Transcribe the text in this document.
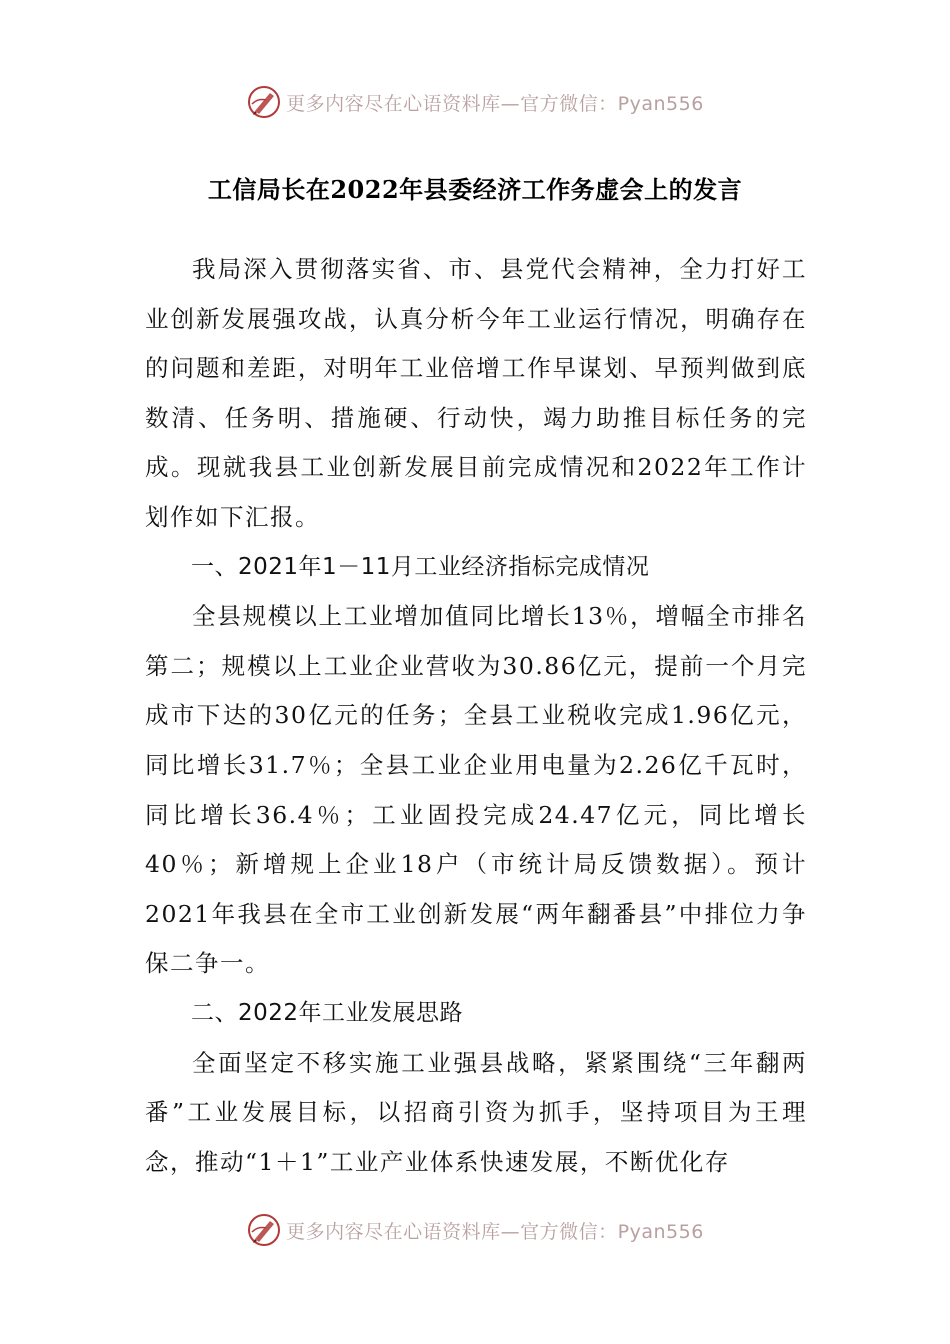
更多内容尽在心语资料库—官方微信：Pyan556
工信局长在2022年县委经济工作务虚会上的发言

我局深入贯彻落实省、市、县党代会精神，全力打好工业创新发展强攻战，认真分析今年工业运行情况，明确存在的问题和差距，对明年工业倍增工作早谋划、早预判做到底数清、任务明、措施硬、行动快，竭力助推目标任务的完成。现就我县工业创新发展目前完成情况和2022年工作计划作如下汇报。

一、2021年1－11月工业经济指标完成情况

全县规模以上工业增加值同比增长13％，增幅全市排名第二；规模以上工业企业营收为30.86亿元，提前一个月完成市下达的30亿元的任务；全县工业税收完成1.96亿元，同比增长31.7％；全县工业企业用电量为2.26亿千瓦时，同比增长36.4％；工业固投完成24.47亿元，同比增长40％；新增规上企业18户（市统计局反馈数据）。预计2021年我县在全市工业创新发展“两年翻番县”中排位力争保二争一。

二、2022年工业发展思路

全面坚定不移实施工业强县战略，紧紧围绕“三年翻两番”工业发展目标，以招商引资为抓手，坚持项目为王理念，推动“1＋1”工业产业体系快速发展，不断优化存

更多内容尽在心语资料库—官方微信：Pyan556
